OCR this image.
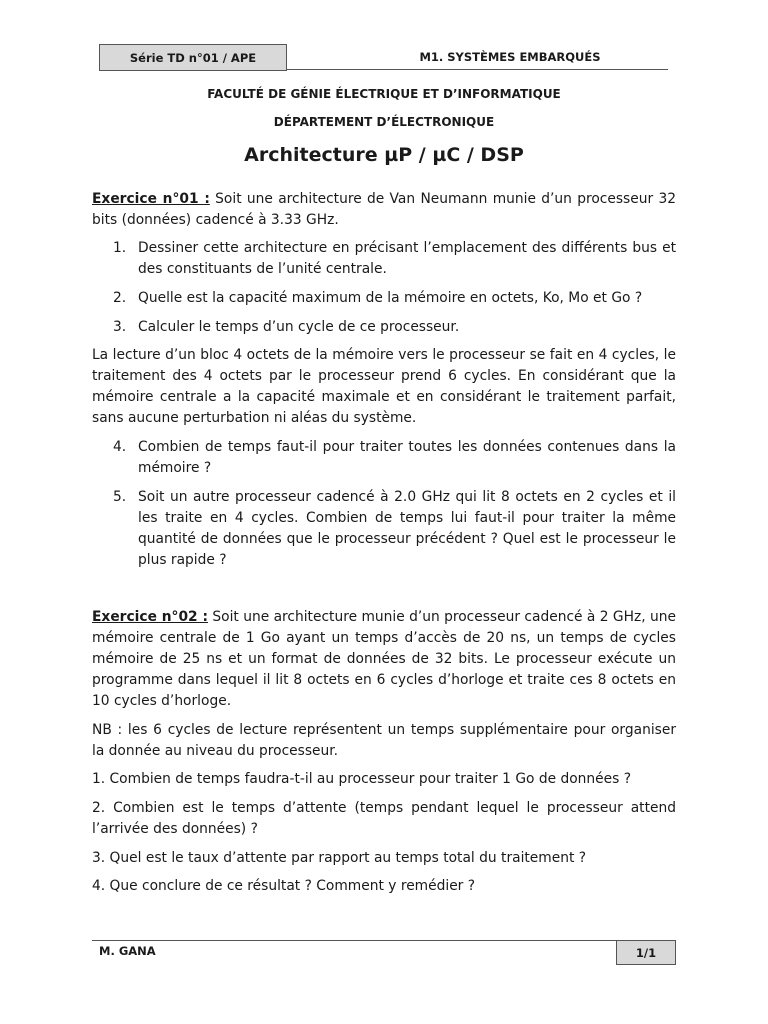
Série TD n°01 / APE	M1. SYSTÈMES EMBARQUÉS
FACULTÉ DE GÉNIE ÉLECTRIQUE ET D’INFORMATIQUE
DÉPARTEMENT D’ÉLECTRONIQUE
Architecture µP / µC / DSP

Exercice n°01 : Soit une architecture de Van Neumann munie d’un processeur 32 bits (données) cadencé à 3.33 GHz.

1. Dessiner cette architecture en précisant l’emplacement des différents bus et des constituants de l’unité centrale.
2. Quelle est la capacité maximum de la mémoire en octets, Ko, Mo et Go ?
3. Calculer le temps d’un cycle de ce processeur.

La lecture d’un bloc 4 octets de la mémoire vers le processeur se fait en 4 cycles, le traitement des 4 octets par le processeur prend 6 cycles. En considérant que la mémoire centrale a la capacité maximale et en considérant le traitement parfait, sans aucune perturbation ni aléas du système.

4. Combien de temps faut-il pour traiter toutes les données contenues dans la mémoire ?
5. Soit un autre processeur cadencé à 2.0 GHz qui lit 8 octets en 2 cycles et il les traite en 4 cycles. Combien de temps lui faut-il pour traiter la même quantité de données que le processeur précédent ? Quel est le processeur le plus rapide ?

Exercice n°02 : Soit une architecture munie d’un processeur cadencé à 2 GHz, une mémoire centrale de 1 Go ayant un temps d’accès de 20 ns, un temps de cycles mémoire de 25 ns et un format de données de 32 bits. Le processeur exécute un programme dans lequel il lit 8 octets en 6 cycles d’horloge et traite ces 8 octets en 10 cycles d’horloge.

NB : les 6 cycles de lecture représentent un temps supplémentaire pour organiser la donnée au niveau du processeur.

1. Combien de temps faudra-t-il au processeur pour traiter 1 Go de données ?

2. Combien est le temps d’attente (temps pendant lequel le processeur attend l’arrivée des données) ?

3. Quel est le taux d’attente par rapport au temps total du traitement ?

4. Que conclure de ce résultat ? Comment y remédier ?

M. GANA	1/1
